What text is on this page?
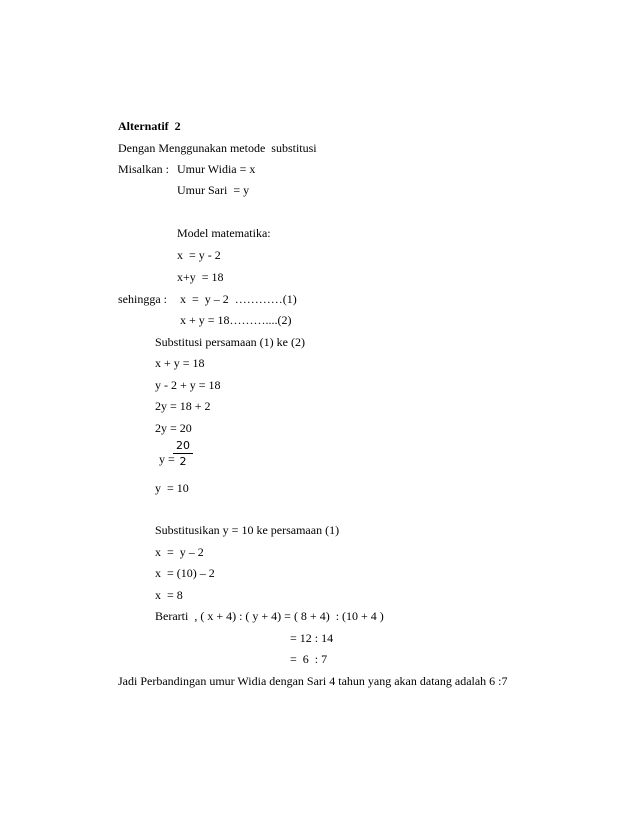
Alternatif  2
Dengan Menggunakan metode  substitusi
Misalkan : Umur Widia = x
Umur Sari  = y
Model matematika:
x  = y - 2
x+y  = 18
sehingga : x  =  y – 2  …………(1)
x + y = 18………....(2)
Substitusi persamaan (1) ke (2)
x + y = 18
y - 2 + y = 18
2y = 18 + 2
2y = 20
y =
20
2
y  = 10
Substitusikan y = 10 ke persamaan (1)
x  =  y – 2
x  = (10) – 2
x  = 8
Berarti  , ( x + 4) : ( y + 4) = ( 8 + 4)  : (10 + 4 )
= 12 : 14
=  6  : 7
Jadi Perbandingan umur Widia dengan Sari 4 tahun yang akan datang adalah 6 :7
